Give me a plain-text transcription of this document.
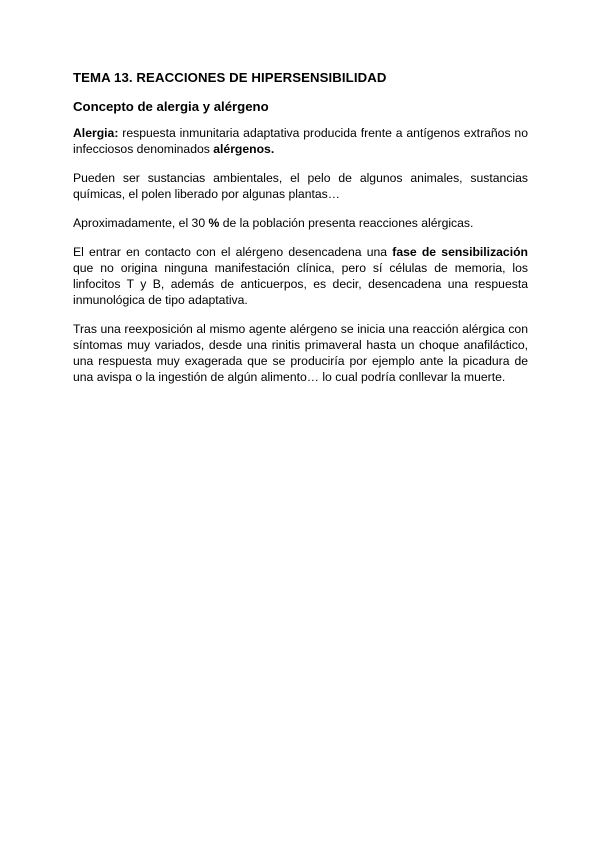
TEMA 13. REACCIONES DE HIPERSENSIBILIDAD
Concepto de alergia y alérgeno

Alergia: respuesta inmunitaria adaptativa producida frente a antígenos extraños no infecciosos denominados alérgenos.

Pueden ser sustancias ambientales, el pelo de algunos animales, sustancias químicas, el polen liberado por algunas plantas…

Aproximadamente, el 30 % de la población presenta reacciones alérgicas.

El entrar en contacto con el alérgeno desencadena una fase de sensibilización que no origina ninguna manifestación clínica, pero sí células de memoria, los linfocitos T y B, además de anticuerpos, es decir, desencadena una respuesta inmunológica de tipo adaptativa.

Tras una reexposición al mismo agente alérgeno se inicia una reacción alérgica con síntomas muy variados, desde una rinitis primaveral hasta un choque anafiláctico, una respuesta muy exagerada que se produciría por ejemplo ante la picadura de una avispa o la ingestión de algún alimento… lo cual podría conllevar la muerte.
